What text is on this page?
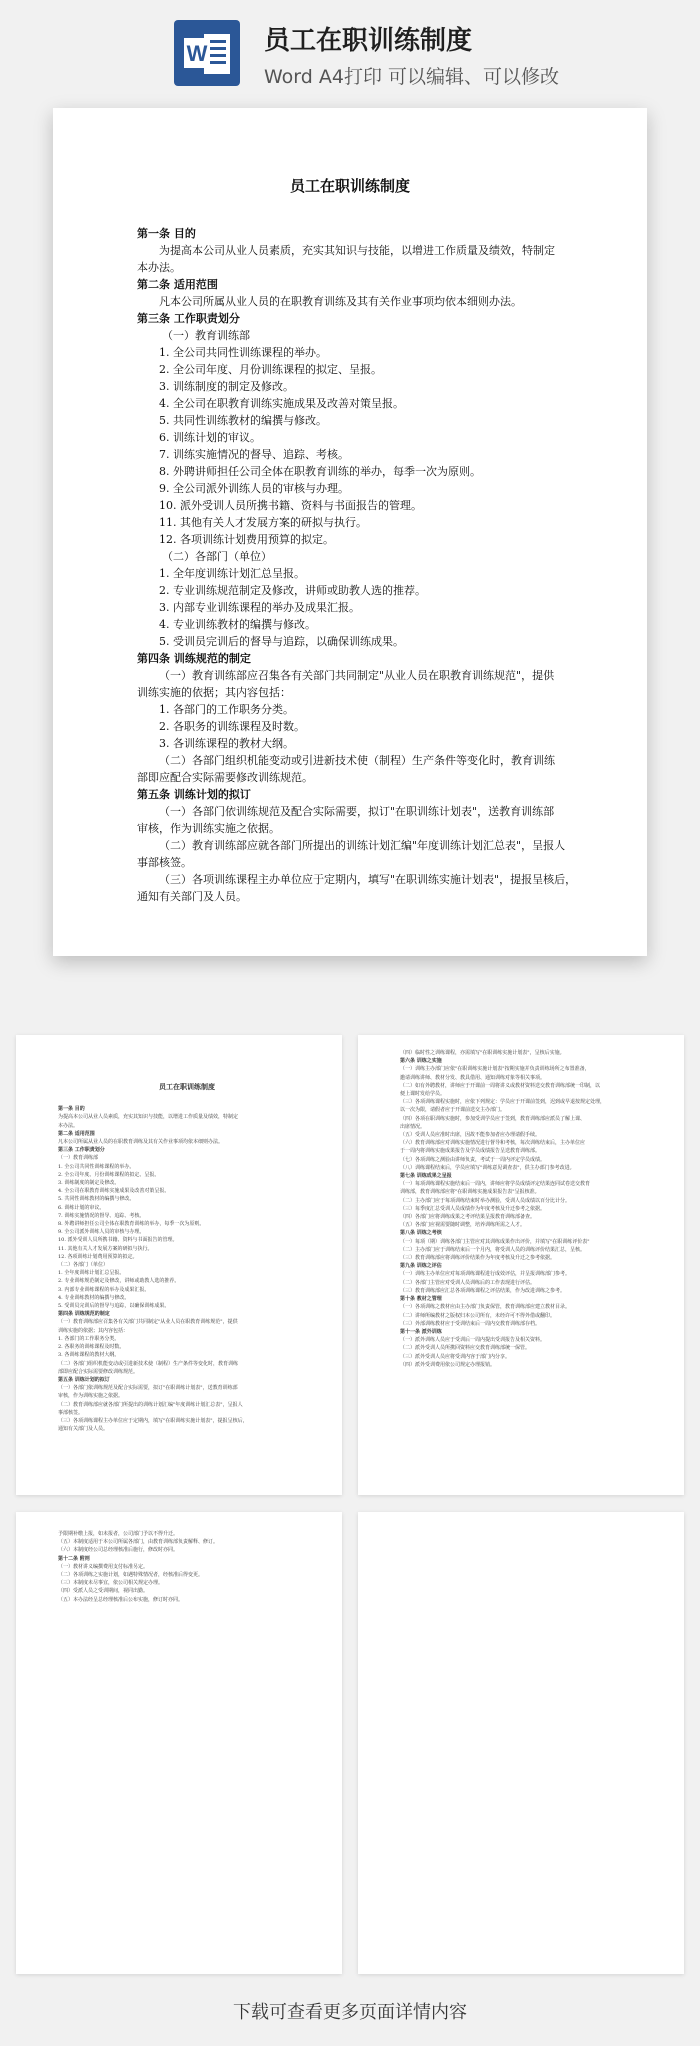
W 员工在职训练制度
Word A4打印 可以编辑、可以修改
员工在职训练制度
第一条 目的
为提高本公司从业人员素质，充实其知识与技能，以增进工作质量及绩效，特制定
本办法。
第二条 适用范围
凡本公司所属从业人员的在职教育训练及其有关作业事项均依本细则办法。
第三条 工作职责划分
（一）教育训练部
1. 全公司共同性训练课程的举办。
2. 全公司年度、月份训练课程的拟定、呈报。
3. 训练制度的制定及修改。
4. 全公司在职教育训练实施成果及改善对策呈报。
5. 共同性训练教材的编撰与修改。
6. 训练计划的审议。
7. 训练实施情况的督导、追踪、考核。
8. 外聘讲师担任公司全体在职教育训练的举办，每季一次为原则。
9. 全公司派外训练人员的审核与办理。
10. 派外受训人员所携书籍、资料与书面报告的管理。
11. 其他有关人才发展方案的研拟与执行。
12. 各项训练计划费用预算的拟定。
（二）各部门（单位）
1. 全年度训练计划汇总呈报。
2. 专业训练规范制定及修改，讲师或助教人选的推荐。
3. 内部专业训练课程的举办及成果汇报。
4. 专业训练教材的编撰与修改。
5. 受训员完训后的督导与追踪，以确保训练成果。
第四条 训练规范的制定
（一）教育训练部应召集各有关部门共同制定"从业人员在职教育训练规范"，提供
训练实施的依据；其内容包括：
1. 各部门的工作职务分类。
2. 各职务的训练课程及时数。
3. 各训练课程的教材大纲。
（二）各部门组织机能变动或引进新技术使（制程）生产条件等变化时，教育训练
部即应配合实际需要修改训练规范。
第五条 训练计划的拟订
（一）各部门依训练规范及配合实际需要，拟订"在职训练计划表"，送教育训练部
审核，作为训练实施之依据。
（二）教育训练部应就各部门所提出的训练计划汇编"年度训练计划汇总表"，呈报人
事部核签。
（三）各项训练课程主办单位应于定期内，填写"在职训练实施计划表"，提报呈核后，
通知有关部门及人员。
员工在职训练制度
第一条 目的
为提高本公司从业人员素质，充实其知识与技能，以增进工作质量及绩效，特制定
本办法。
第二条 适用范围
凡本公司所属从业人员的在职教育训练及其有关作业事项均依本细则办法。
第三条 工作职责划分
（一）教育训练部
1. 全公司共同性训练课程的举办。
2. 全公司年度、月份训练课程的拟定、呈报。
3. 训练制度的制定及修改。
4. 全公司在职教育训练实施成果及改善对策呈报。
5. 共同性训练教材的编撰与修改。
6. 训练计划的审议。
7. 训练实施情况的督导、追踪、考核。
8. 外聘讲师担任公司全体在职教育训练的举办，每季一次为原则。
9. 全公司派外训练人员的审核与办理。
10. 派外受训人员所携书籍、资料与书面报告的管理。
11. 其他有关人才发展方案的研拟与执行。
12. 各项训练计划费用预算的拟定。
（二）各部门（单位）
1. 全年度训练计划汇总呈报。
2. 专业训练规范制定及修改，讲师或助教人选的推荐。
3. 内部专业训练课程的举办及成果汇报。
4. 专业训练教材的编撰与修改。
5. 受训员完训后的督导与追踪，以确保训练成果。
第四条 训练规范的制定
（一）教育训练部应召集各有关部门共同制定"从业人员在职教育训练规范"，提供
训练实施的依据；其内容包括：
1. 各部门的工作职务分类。
2. 各职务的训练课程及时数。
3. 各训练课程的教材大纲。
（二）各部门组织机能变动或引进新技术使（制程）生产条件等变化时，教育训练
部即应配合实际需要修改训练规范。
第五条 训练计划的拟订
（一）各部门依训练规范及配合实际需要，拟订"在职训练计划表"，送教育训练部
审核，作为训练实施之依据。
（二）教育训练部应就各部门所提出的训练计划汇编"年度训练计划汇总表"，呈报人
事部核签。
（三）各项训练课程主办单位应于定期内，填写"在职训练实施计划表"，提报呈核后，
通知有关部门及人员。
（四）临时性之训练课程，亦需填写"在职训练实施计划表"，呈核后实施。
第六条 训练之实施
（一）训练主办部门应依"在职训练实施计划表"按期实施并负责训练场所之布置准备，
邀请训练讲师、教材分发、教具借用、通知训练对象等相关事项。
（二）如有外聘教材，讲师应于开课前一周将讲义或教材资料送交教育训练部统一印制，以
便上课时发给学员。
（三）各项训练课程实施时，应依下列规定：学员应于开课前签到，迟到或早退按规定处理，
以一次为限，请假者应于开课前送交主办部门。
（四）各项在职训练实施时，参加受训学员应于签到，教育训练部应派员了解上课、
出席情况。
（五）受训人员应准时出席，因故不能参加者应办理请假手续。
（六）教育训练部应对训练实施情况进行督导和考核，每次训练结束后，主办单位应
于一周内将训练实施成果报告及学员成绩报告呈送教育训练部。
（七）各项训练之测验由讲师负责，考试于一周内评定学员成绩。
（八）训练课程结束后，学员应填写"训练意见调查表"，供主办部门参考改进。
第七条 训练成果之呈报
（一）每项训练课程实施结束后一周内，讲师应将学员成绩评定结果连同试卷送交教育
训练部，教育训练部应将"在职训练实施成果报告表"呈报核准。
（二）主办部门应于每项训练结束时举办测验，受训人员成绩以百分比计分。
（三）每季度汇总受训人员成绩作为年度考核及升迁参考之依据。
（四）各部门应将训练成果之考评结果呈报教育训练部备查。
（五）各部门应视需要随时调整，培养训练所需之人才。
第八条 训练之考核
（一）每项（期）训练各部门主管应对其训练成果作出评价，并填写"在职训练评价表"
（二）主办部门应于训练结束后一个月内，将受训人员的训练评价结果汇总，呈核。
（三）教育训练部应将训练评价结果作为年度考核及升迁之参考依据。
第九条 训练之评估
（一）训练主办单位应对每项训练课程进行成效评估，并呈报训练部门参考。
（二）各部门主管应对受训人员训练后的工作表现进行评估。
（三）教育训练部应汇总各项训练课程之评估结果，作为改进训练之参考。
第十条 教材之管理
（一）各项训练之教材应由主办部门负责保管，教育训练部应建立教材目录。
（二）讲师所编教材之版权归本公司所有，未经许可不得外借或翻印。
（三）外部训练教材应于受训结束后一周内交教育训练部存档。
第十一条 派外训练
（一）派外训练人员应于受训后一周内提出受训报告及相关资料。
（二）派外受训人员所携回资料应交教育训练部统一保管。
（三）派外受训人员应将受训内容于部门内分享。
（四）派外受训费用依公司规定办理报销。
予限期补缴上报，如未报者，公司部门予以不得升迁。
（五）本制度适用于本公司所属各部门，由教育训练部负责解释、修订。
（六）本制度经公司总经理核准后施行，修改时亦同。
第十二条 附则
（一）教材讲义编撰费用支付标准另定。
（二）各项训练之实施计划，如遇特殊情况者，经核准后得变更。
（三）本制度未尽事宜，依公司相关规定办理。
（四）受派人员之受训期间，视同出勤。
（五）本办法经呈总经理核准后公布实施，修订时亦同。
下载可查看更多页面详情内容
